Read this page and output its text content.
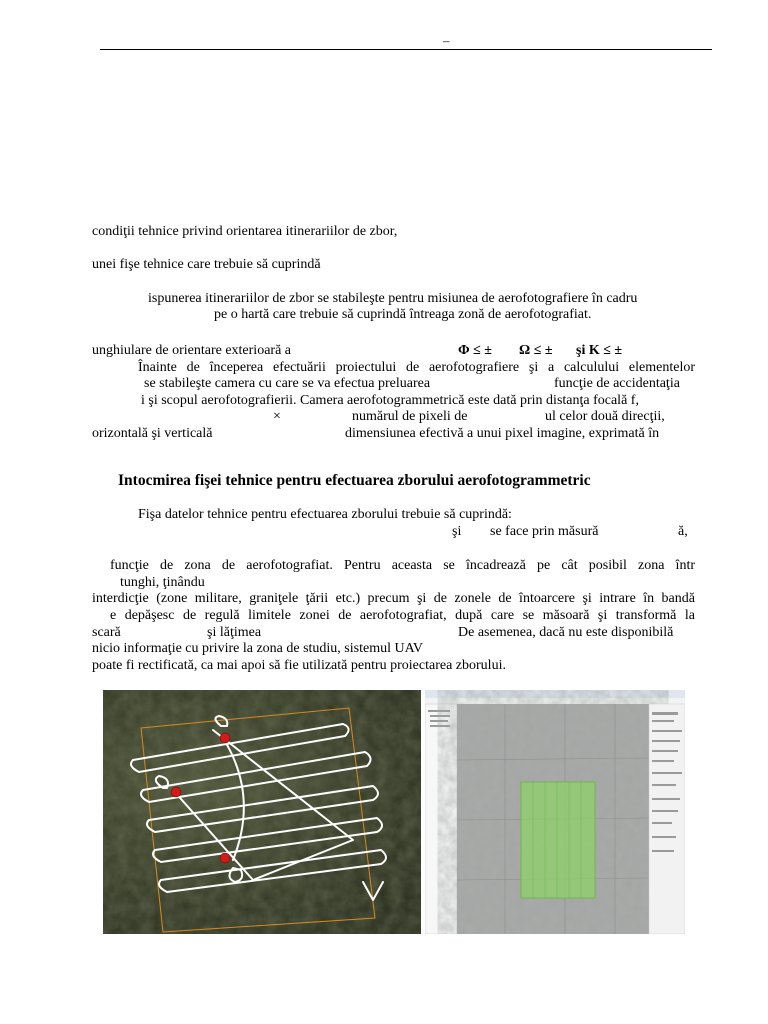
–
condiţii tehnice privind orientarea itinerariilor de zbor,
unei fişe tehnice care trebuie să cuprindă
ispunerea itinerariilor de zbor se stabileşte pentru misiunea de aerofotografiere în cadru
pe o hartă care trebuie să cuprindă întreaga zonă de aerofotografiat.
unghiulare de orientare exterioară a	Φ ≤ ± Ω ≤ ± şi Κ ≤ ±
Înainte de începerea efectuării proiectului de aerofotografiere şi a calculului elementelor
se stabileşte camera cu care se va efectua preluarea	funcţie de accidentaţia
i şi scopul aerofotografierii. Camera aerofotogrammetrică este dată prin distanţa focală f,
×	numărul de pixeli de	ul celor două direcţii,
orizontală şi verticală	dimensiunea efectivă a unui pixel imagine, exprimată în
Intocmirea fişei tehnice pentru efectuarea zborului aerofotogrammetric
Fişa datelor tehnice pentru efectuarea zborului trebuie să cuprindă:
şi se face prin măsură	ă,
funcţie de zona de aerofotografiat. Pentru aceasta se încadrează pe cât posibil zona într
tunghi, ţinându
interdicţie (zone militare, graniţele ţării etc.) precum şi de zonele de întoarcere şi intrare în bandă
e depăşesc de regulă limitele zonei de aerofotografiat, după care se măsoară şi transformă la
scară	şi lăţimea	De asemenea, dacă nu este disponibilă
nicio informaţie cu privire la zona de studiu, sistemul UAV
poate fi rectificată, ca mai apoi să fie utilizată pentru proiectarea zborului.
